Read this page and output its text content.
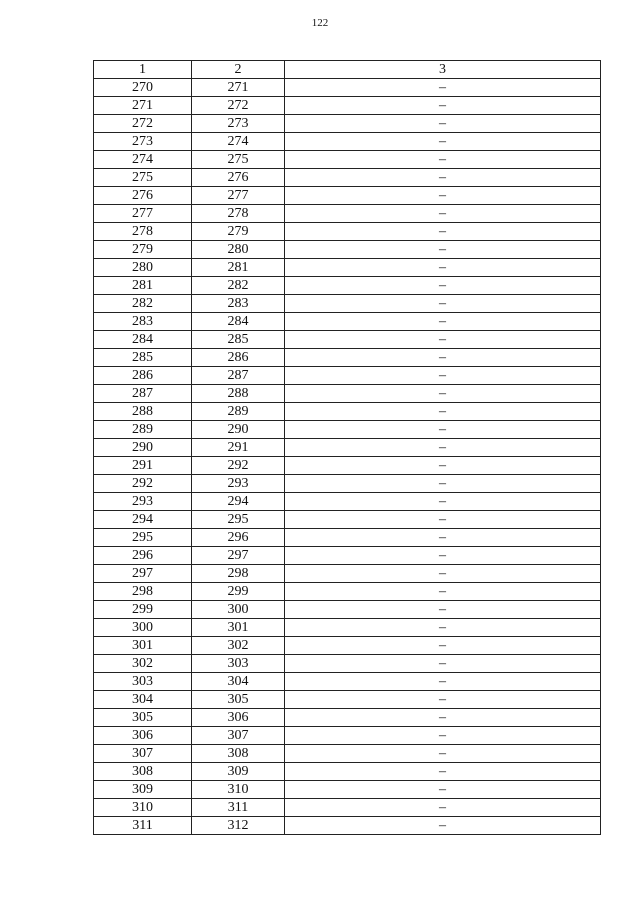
122
1	2	3
270	271	–
271	272	–
272	273	–
273	274	–
274	275	–
275	276	–
276	277	–
277	278	–
278	279	–
279	280	–
280	281	–
281	282	–
282	283	–
283	284	–
284	285	–
285	286	–
286	287	–
287	288	–
288	289	–
289	290	–
290	291	–
291	292	–
292	293	–
293	294	–
294	295	–
295	296	–
296	297	–
297	298	–
298	299	–
299	300	–
300	301	–
301	302	–
302	303	–
303	304	–
304	305	–
305	306	–
306	307	–
307	308	–
308	309	–
309	310	–
310	311	–
311	312	–
